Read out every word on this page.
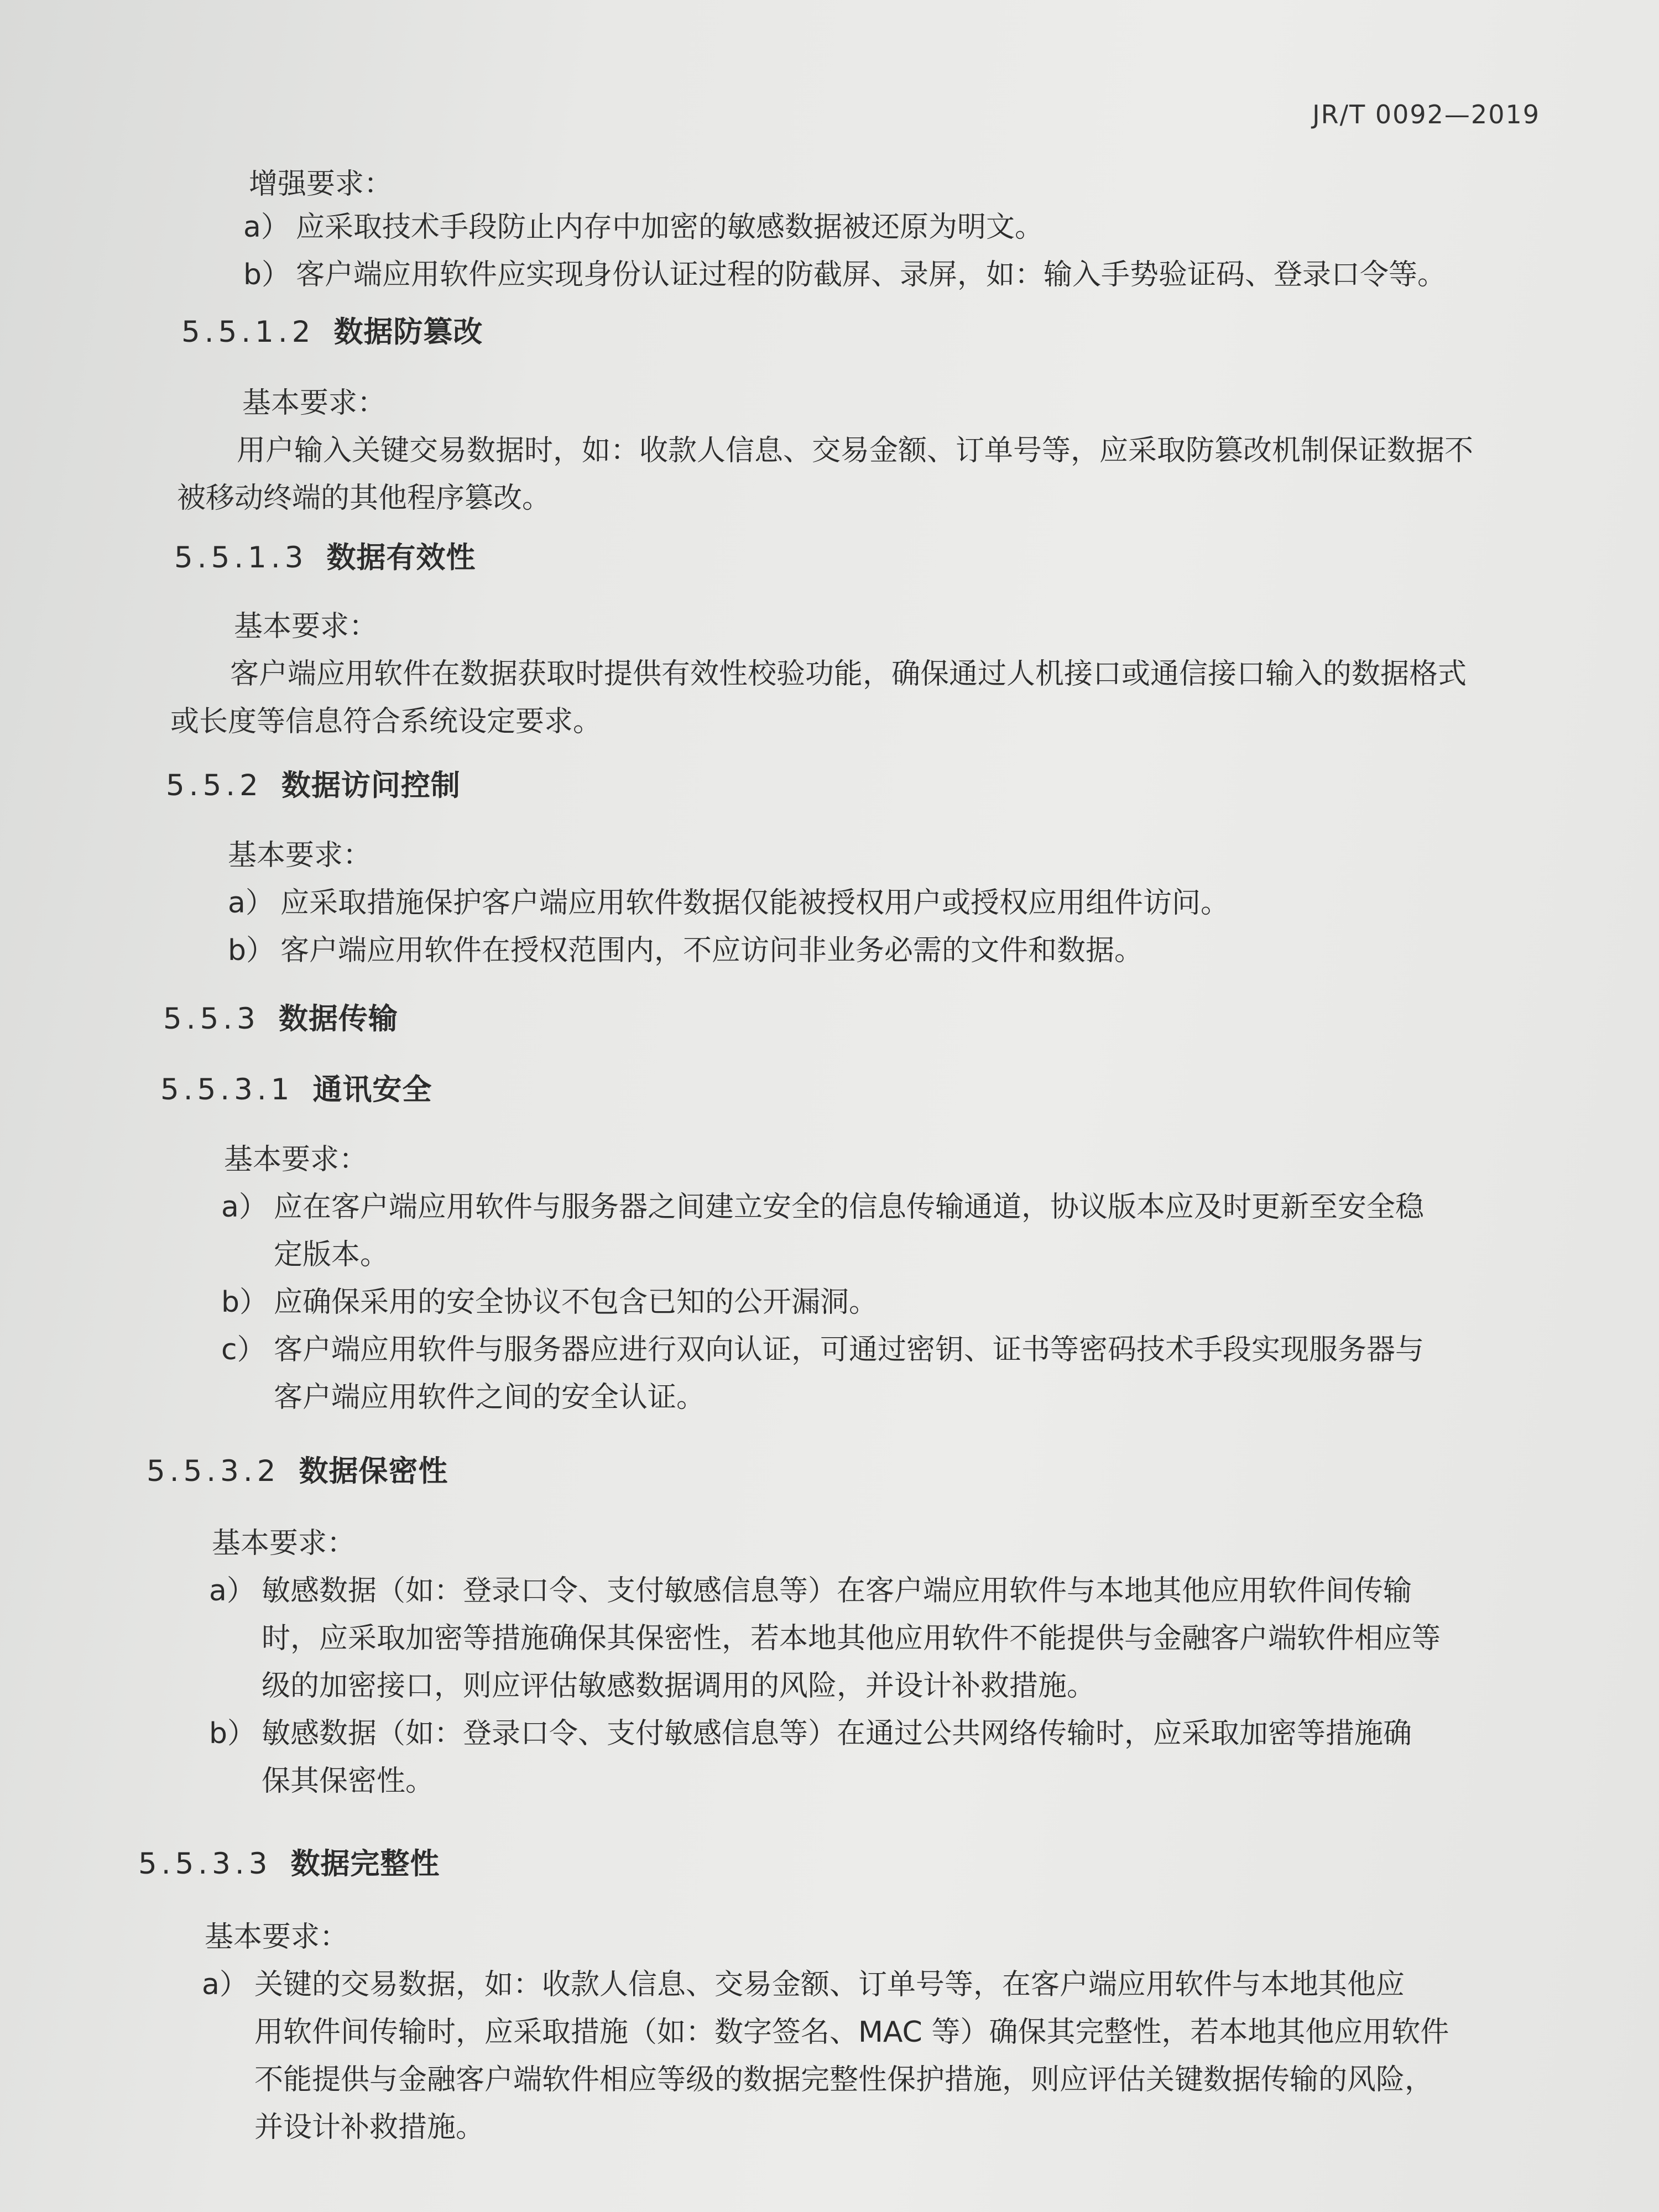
JR/T 0092—2019
增强要求：
a） 应采取技术手段防止内存中加密的敏感数据被还原为明文。
b） 客户端应用软件应实现身份认证过程的防截屏、录屏，如：输入手势验证码、登录口令等。
5.5.1.2 数据防篡改
基本要求：
用户输入关键交易数据时，如：收款人信息、交易金额、订单号等，应采取防篡改机制保证数据不
被移动终端的其他程序篡改。
5.5.1.3 数据有效性
基本要求：
客户端应用软件在数据获取时提供有效性校验功能，确保通过人机接口或通信接口输入的数据格式
或长度等信息符合系统设定要求。
5.5.2 数据访问控制
基本要求：
a） 应采取措施保护客户端应用软件数据仅能被授权用户或授权应用组件访问。
b） 客户端应用软件在授权范围内，不应访问非业务必需的文件和数据。
5.5.3 数据传输
5.5.3.1 通讯安全
基本要求：
a） 应在客户端应用软件与服务器之间建立安全的信息传输通道，协议版本应及时更新至安全稳
定版本。
b） 应确保采用的安全协议不包含已知的公开漏洞。
c） 客户端应用软件与服务器应进行双向认证，可通过密钥、证书等密码技术手段实现服务器与
客户端应用软件之间的安全认证。
5.5.3.2 数据保密性
基本要求：
a） 敏感数据（如：登录口令、支付敏感信息等）在客户端应用软件与本地其他应用软件间传输
时，应采取加密等措施确保其保密性，若本地其他应用软件不能提供与金融客户端软件相应等
级的加密接口，则应评估敏感数据调用的风险，并设计补救措施。
b） 敏感数据（如：登录口令、支付敏感信息等）在通过公共网络传输时，应采取加密等措施确
保其保密性。
5.5.3.3 数据完整性
基本要求：
a） 关键的交易数据，如：收款人信息、交易金额、订单号等，在客户端应用软件与本地其他应
用软件间传输时，应采取措施（如：数字签名、MAC 等）确保其完整性，若本地其他应用软件
不能提供与金融客户端软件相应等级的数据完整性保护措施，则应评估关键数据传输的风险，
并设计补救措施。
